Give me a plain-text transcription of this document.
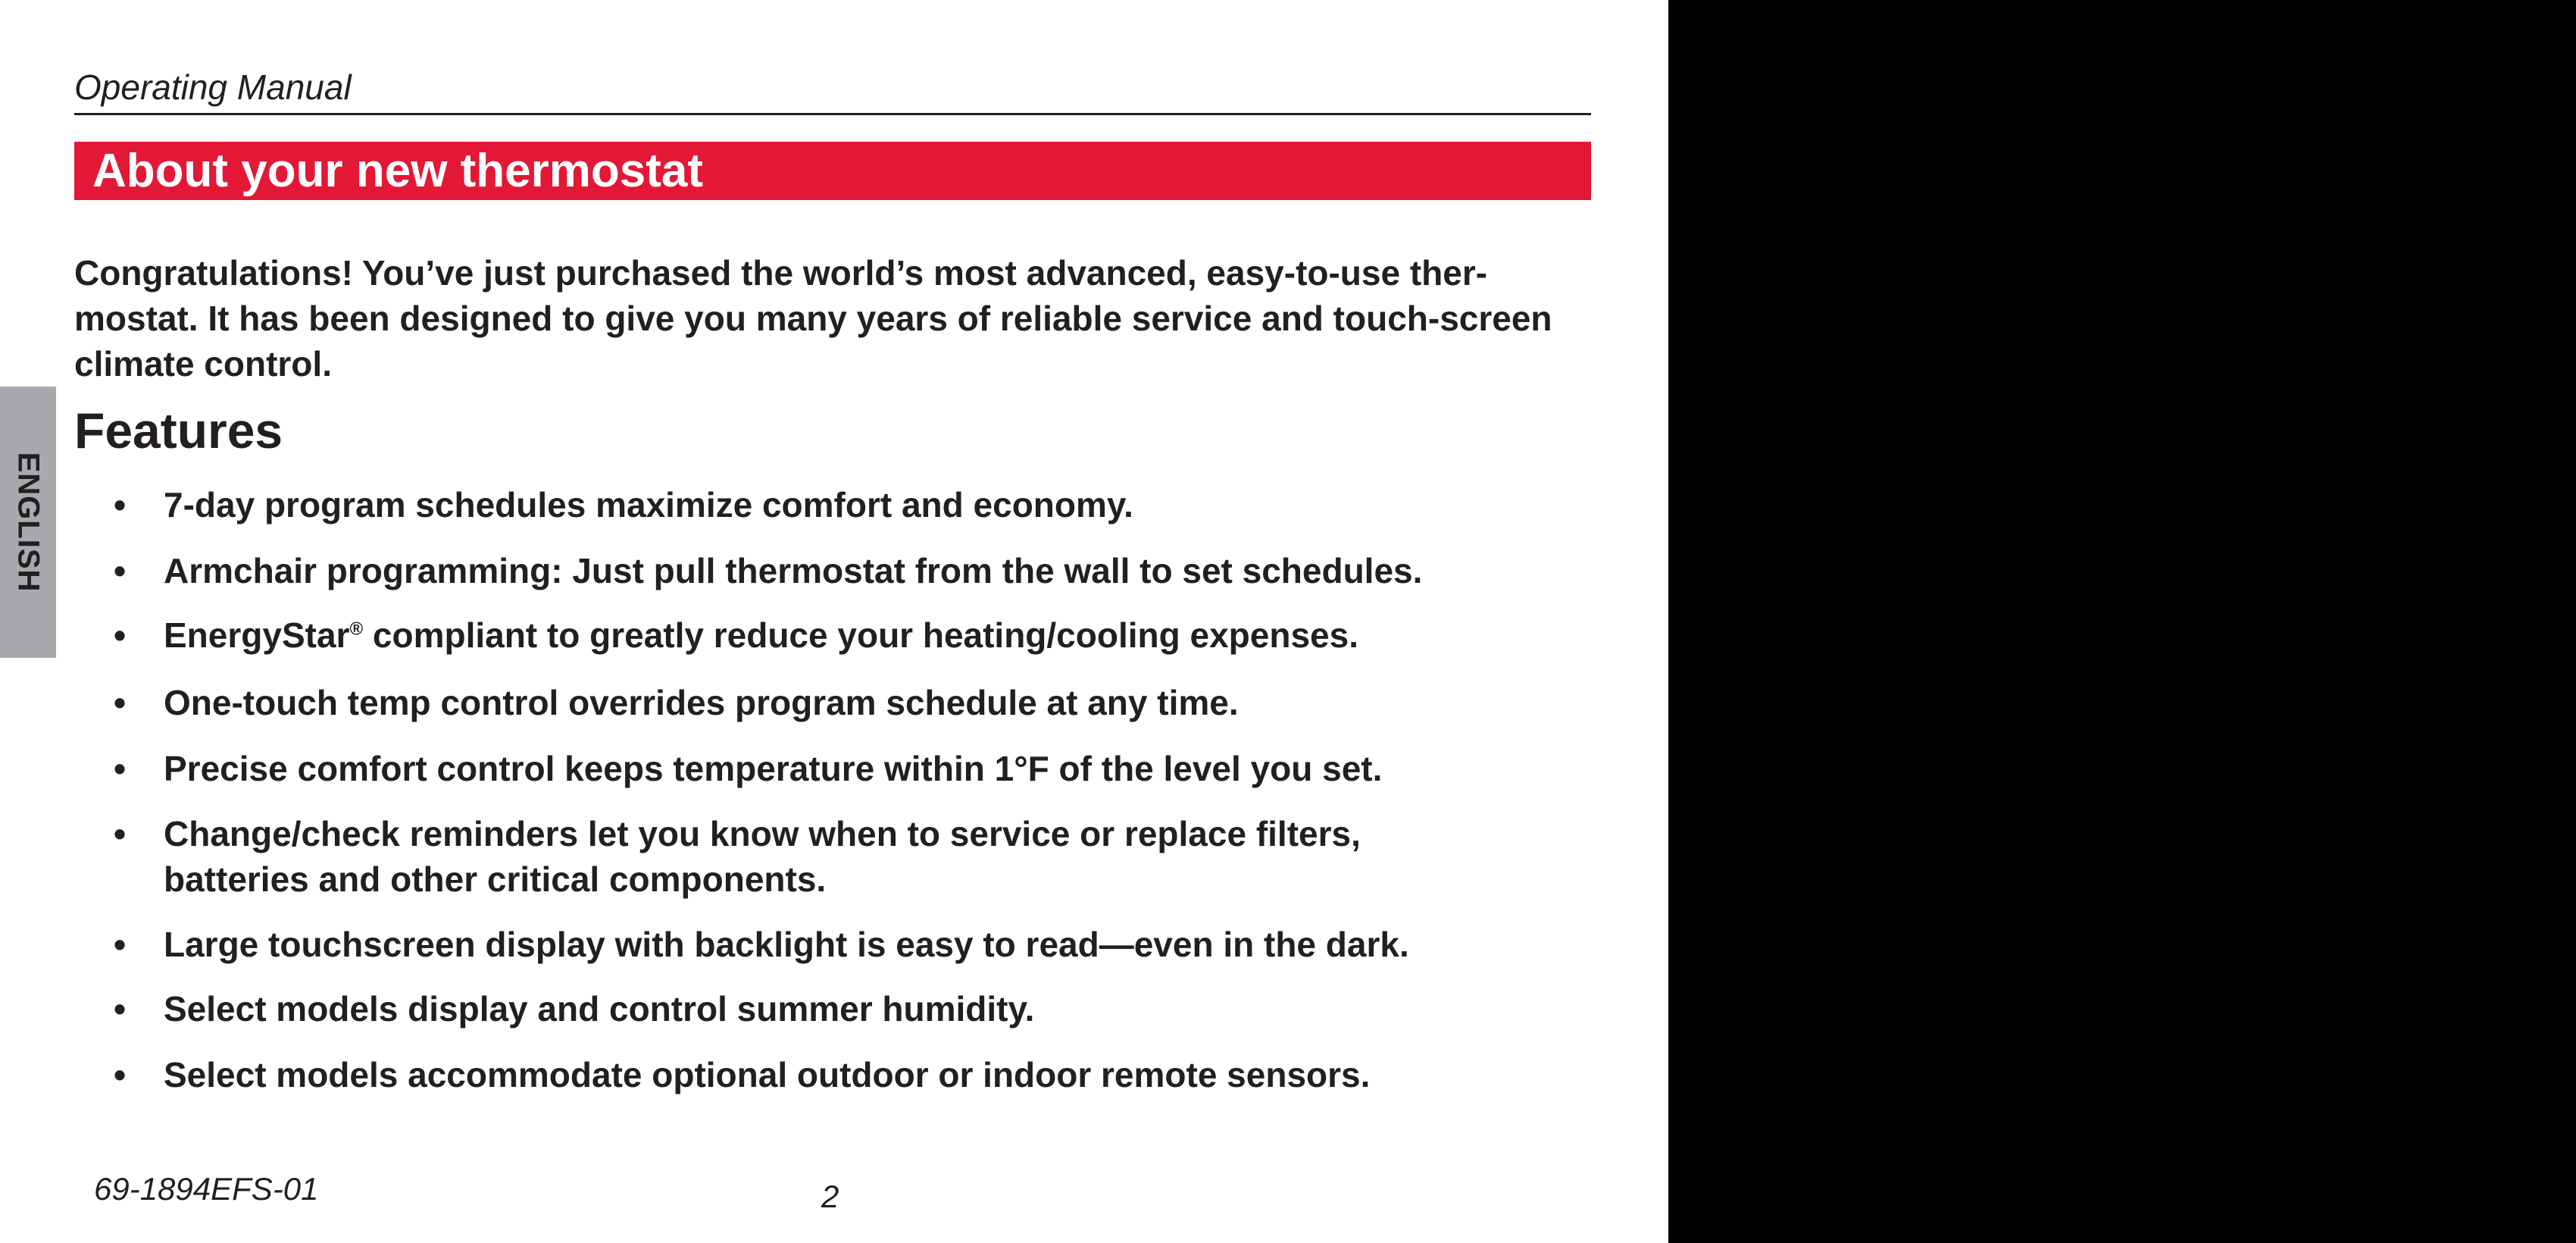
Operating Manual
About your new thermostat
Congratulations! You’ve just purchased the world’s most advanced, easy-to-use ther-mostat. It has been designed to give you many years of reliable service and touch-screen climate control.
ENGLISH
Features
• 7-day program schedules maximize comfort and economy.
• Armchair programming: Just pull thermostat from the wall to set schedules.
• EnergyStar® compliant to greatly reduce your heating/cooling expenses.
• One-touch temp control overrides program schedule at any time.
• Precise comfort control keeps temperature within 1°F of the level you set.
• Change/check reminders let you know when to service or replace filters, batteries and other critical components.
• Large touchscreen display with backlight is easy to read—even in the dark.
• Select models display and control summer humidity.
• Select models accommodate optional outdoor or indoor remote sensors.
69-1894EFS-01	2
